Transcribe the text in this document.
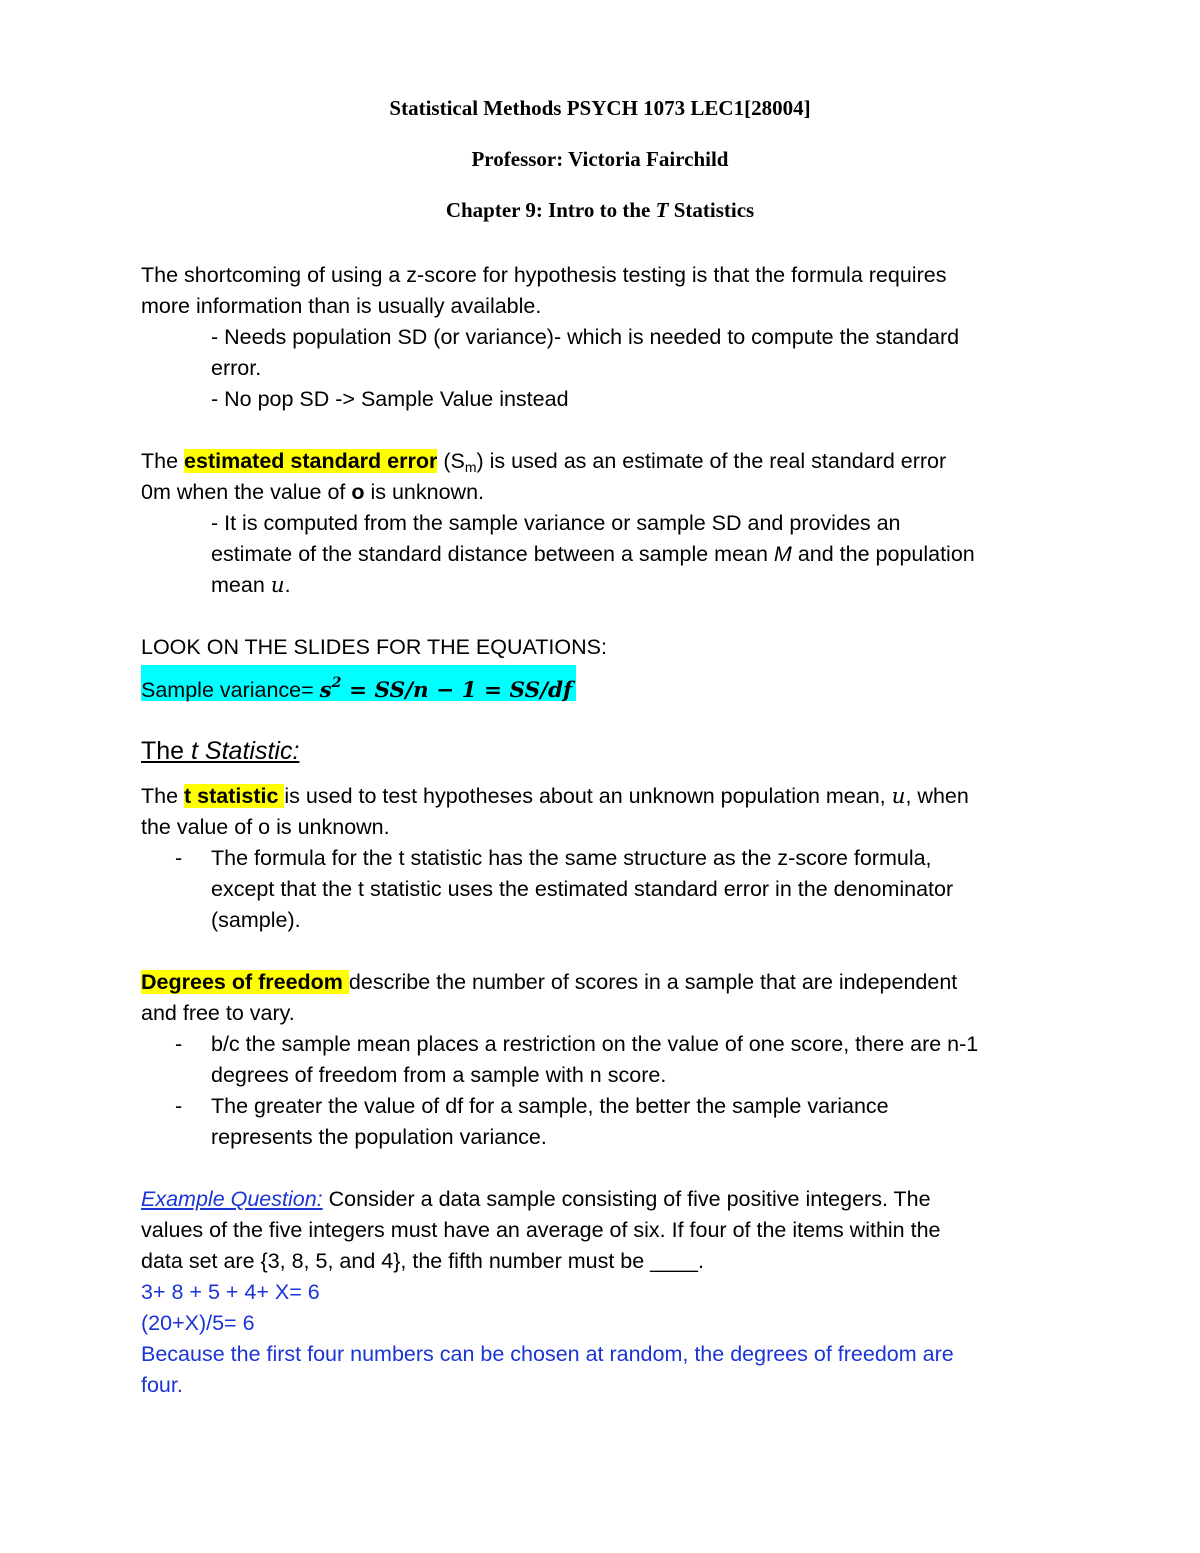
Statistical Methods PSYCH 1073 LEC1[28004]
Professor: Victoria Fairchild
Chapter 9: Intro to the T Statistics
The shortcoming of using a z-score for hypothesis testing is that the formula requires
more information than is usually available.
- Needs population SD (or variance)- which is needed to compute the standard
error.
- No pop SD -> Sample Value instead
The estimated standard error $(S_m)$ is used as an estimate of the real standard error
0m when the value of o is unknown.
- It is computed from the sample variance or sample SD and provides an
estimate of the standard distance between a sample mean M and the population
mean u.
LOOK ON THE SLIDES FOR THE EQUATIONS:
Sample variance= $s^2 = SS/n - 1 = SS/df$
The t Statistic:
The t statistic is used to test hypotheses about an unknown population mean, u, when
the value of o is unknown.
- The formula for the t statistic has the same structure as the z-score formula,
except that the t statistic uses the estimated standard error in the denominator
(sample).
Degrees of freedom describe the number of scores in a sample that are independent
and free to vary.
- b/c the sample mean places a restriction on the value of one score, there are n-1
degrees of freedom from a sample with n score.
- The greater the value of df for a sample, the better the sample variance
represents the population variance.
Example Question: Consider a data sample consisting of five positive integers. The
values of the five integers must have an average of six. If four of the items within the
data set are {3, 8, 5, and 4}, the fifth number must be ____.
3+ 8 + 5 + 4+ X= 6
(20+X)/5= 6
Because the first four numbers can be chosen at random, the degrees of freedom are
four.
